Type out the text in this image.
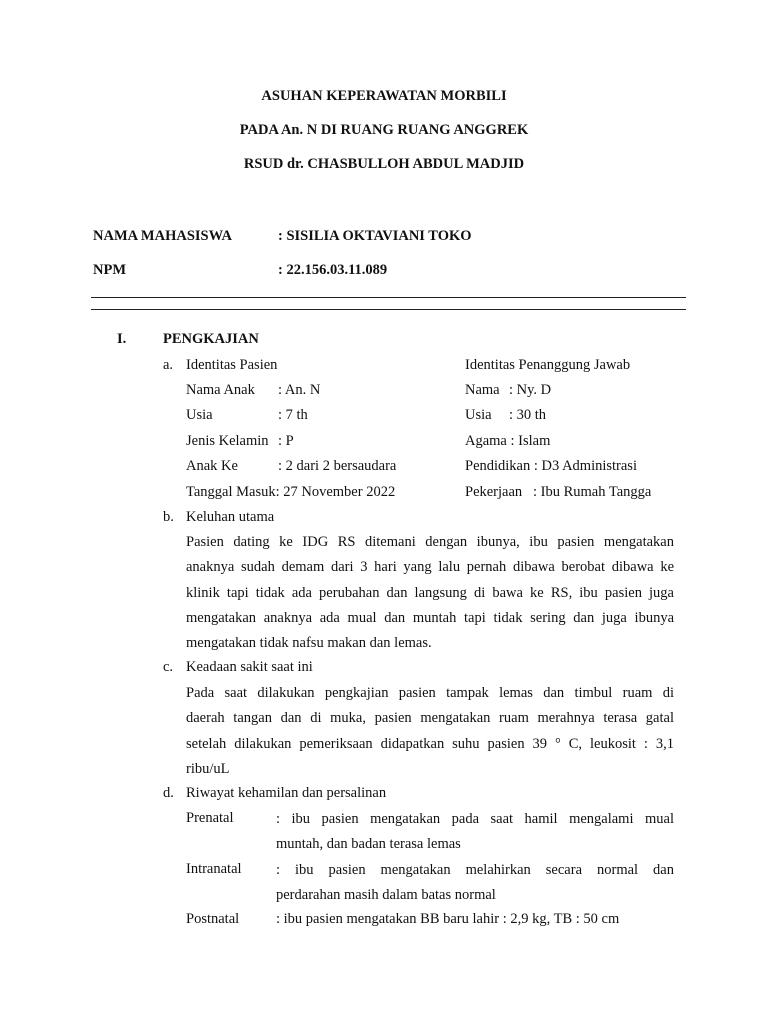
ASUHAN KEPERAWATAN MORBILI
PADA An. N DI RUANG RUANG ANGGREK
RSUD dr. CHASBULLOH ABDUL MADJID
NAMA MAHASISWA	: SISILIA OKTAVIANI TOKO
NPM	: 22.156.03.11.089
I.	PENGKAJIAN
a. Identitas Pasien	Identitas Penanggung Jawab
Nama Anak : An. N	Nama : Ny. D
Usia	: 7 th	Usia : 30 th
Jenis Kelamin : P	Agama : Islam
Anak Ke	: 2 dari 2 bersaudara	Pendidikan : D3 Administrasi
Tanggal Masuk: 27 November 2022	Pekerjaan : Ibu Rumah Tangga
b. Keluhan utama
Pasien dating ke IDG RS ditemani dengan ibunya, ibu pasien mengatakan
anaknya sudah demam dari 3 hari yang lalu pernah dibawa berobat dibawa ke
klinik tapi tidak ada perubahan dan langsung di bawa ke RS, ibu pasien juga
mengatakan anaknya ada mual dan muntah tapi tidak sering dan juga ibunya
mengatakan tidak nafsu makan dan lemas.
c. Keadaan sakit saat ini
Pada saat dilakukan pengkajian pasien tampak lemas dan timbul ruam di
daerah tangan dan di muka, pasien mengatakan ruam merahnya terasa gatal
setelah dilakukan pemeriksaan didapatkan suhu pasien 39 ° C, leukosit : 3,1
ribu/uL
d. Riwayat kehamilan dan persalinan
Prenatal	: ibu pasien mengatakan pada saat hamil mengalami mual
muntah, dan badan terasa lemas
Intranatal : ibu pasien mengatakan melahirkan secara normal dan
perdarahan masih dalam batas normal
Postnatal	: ibu pasien mengatakan BB baru lahir : 2,9 kg, TB : 50 cm
